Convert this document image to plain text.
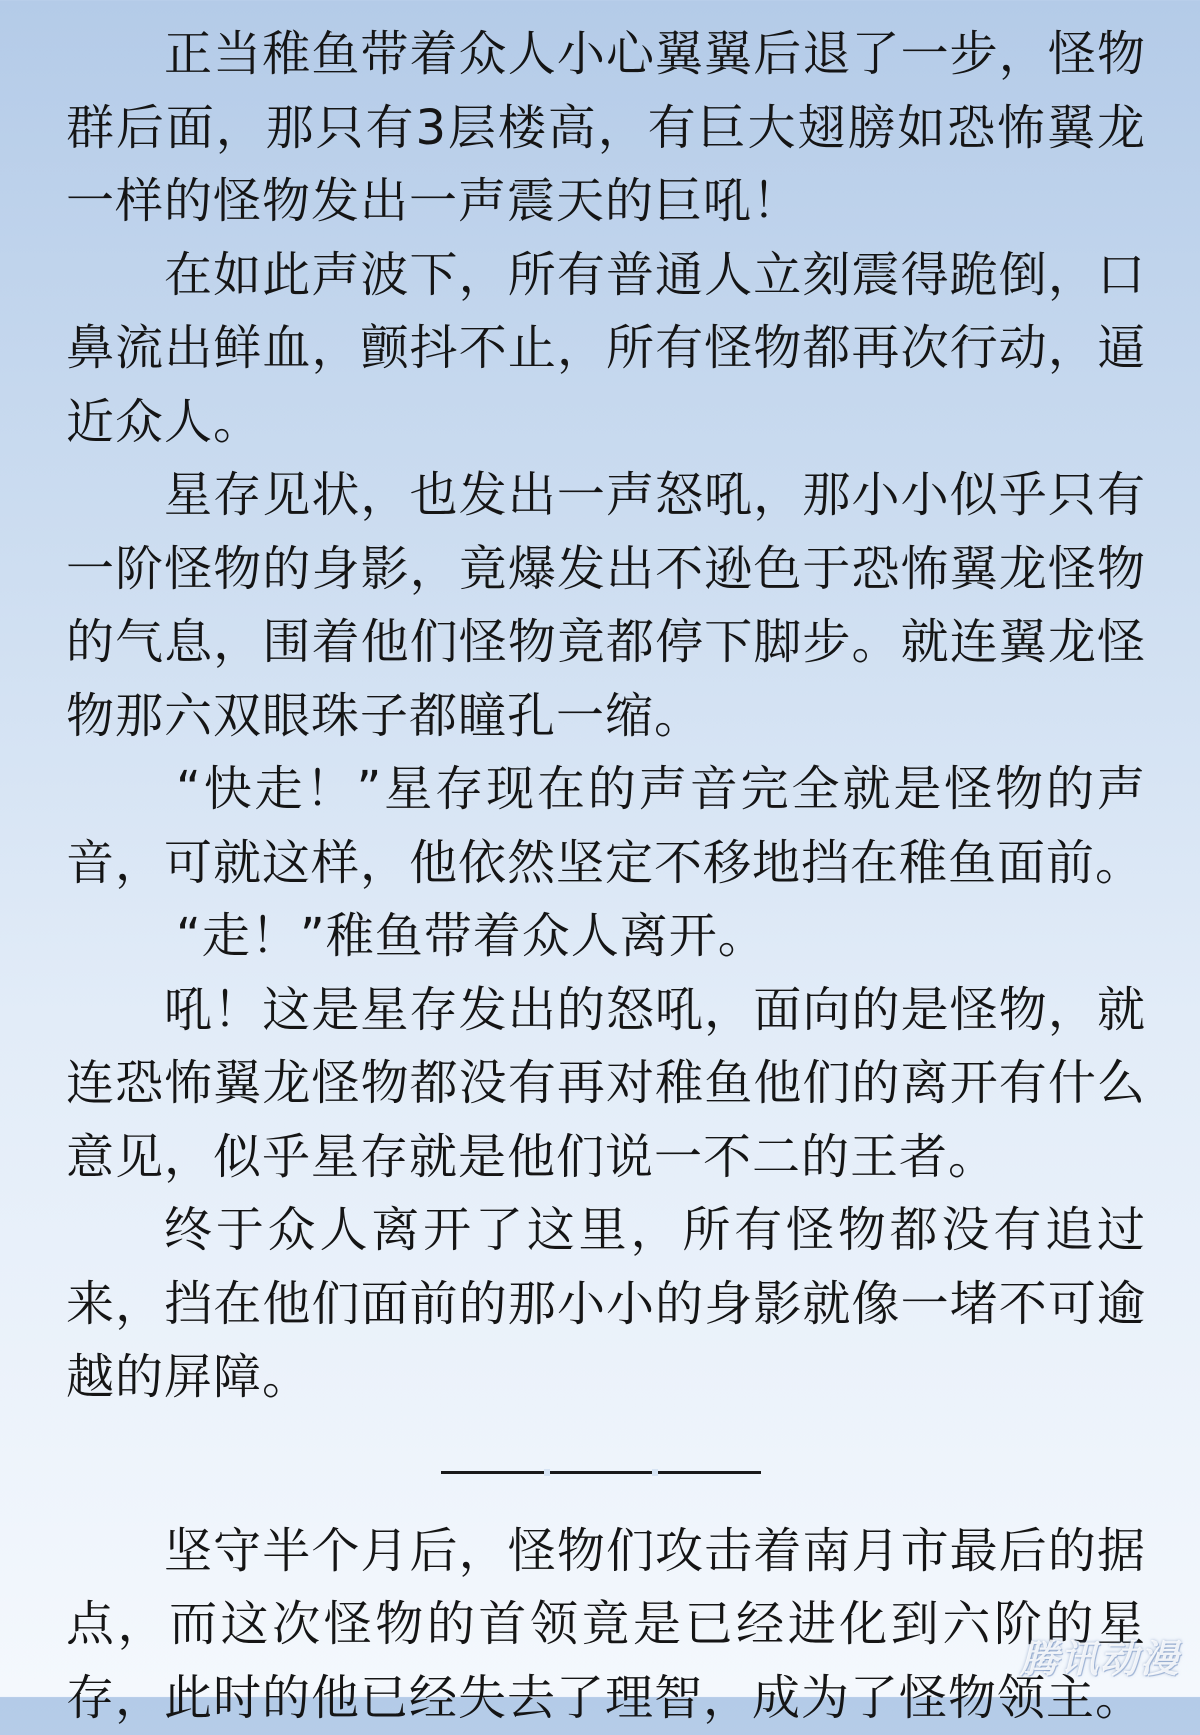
正当稚鱼带着众人小心翼翼后退了一步，怪物群后面，那只有3层楼高，有巨大翅膀如恐怖翼龙一样的怪物发出一声震天的巨吼！

在如此声波下，所有普通人立刻震得跪倒，口鼻流出鲜血，颤抖不止，所有怪物都再次行动，逼近众人。

星存见状，也发出一声怒吼，那小小似乎只有一阶怪物的身影，竟爆发出不逊色于恐怖翼龙怪物的气息，围着他们怪物竟都停下脚步。就连翼龙怪物那六双眼珠子都瞳孔一缩。

“快走！”星存现在的声音完全就是怪物的声音，可就这样，他依然坚定不移地挡在稚鱼面前。

“走！”稚鱼带着众人离开。

吼！这是星存发出的怒吼，面向的是怪物，就连恐怖翼龙怪物都没有再对稚鱼他们的离开有什么意见，似乎星存就是他们说一不二的王者。

终于众人离开了这里，所有怪物都没有追过来，挡在他们面前的那小小的身影就像一堵不可逾越的屏障。

坚守半个月后，怪物们攻击着南月市最后的据点，而这次怪物的首领竟是已经进化到六阶的星存，此时的他已经失去了理智，成为了怪物领主。

腾讯动漫
